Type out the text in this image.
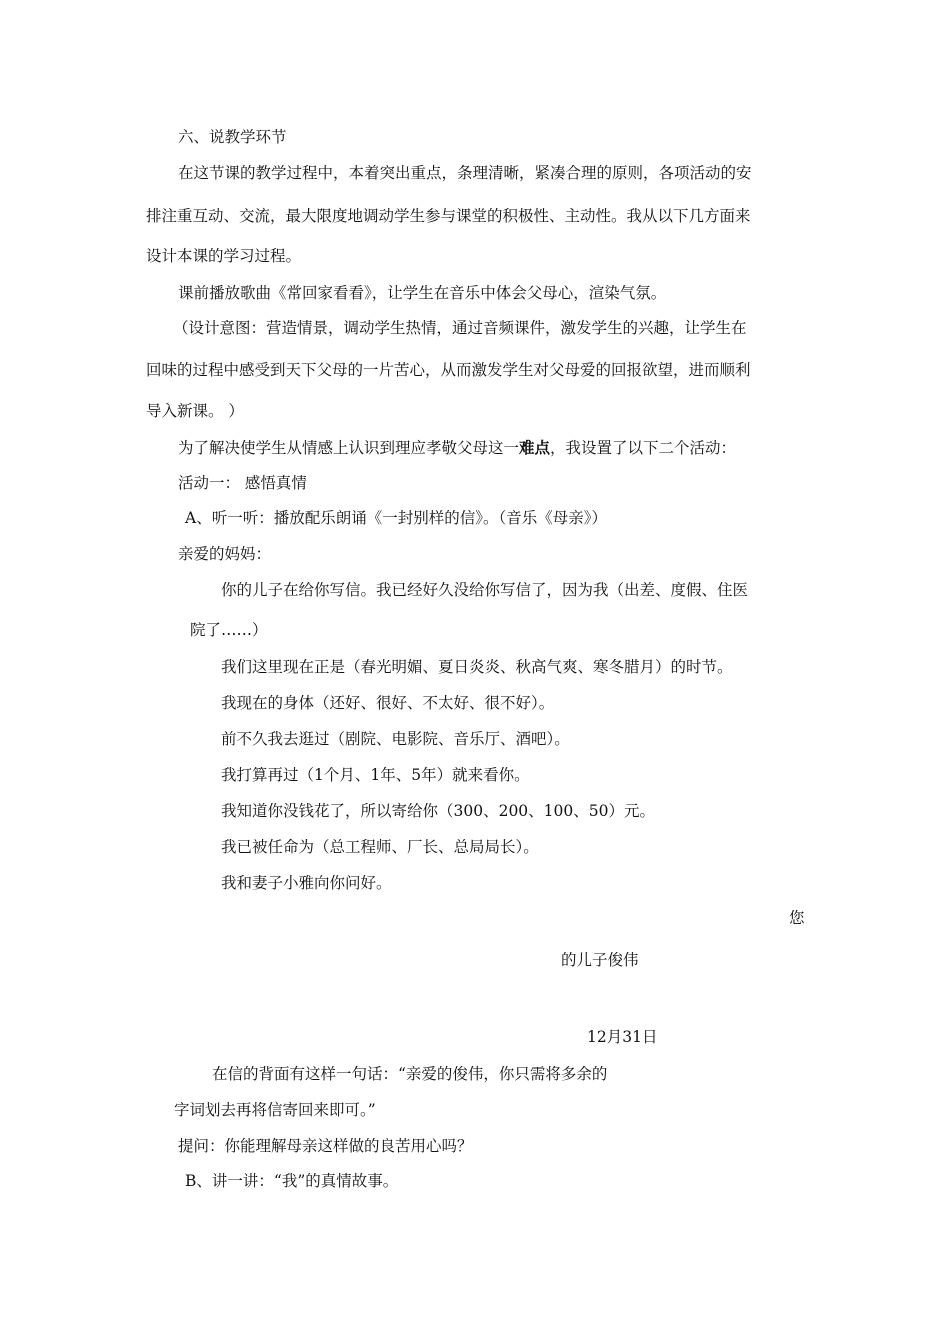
六、说教学环节
在这节课的教学过程中，本着突出重点，条理清晰，紧凑合理的原则，各项活动的安
排注重互动、交流，最大限度地调动学生参与课堂的积极性、主动性。我从以下几方面来
设计本课的学习过程。
课前播放歌曲《常回家看看》，让学生在音乐中体会父母心，渲染气氛。
（设计意图：营造情景，调动学生热情，通过音频课件，激发学生的兴趣，让学生在
回味的过程中感受到天下父母的一片苦心，从而激发学生对父母爱的回报欲望，进而顺利
导入新课。 ）
为了解决使学生从情感上认识到理应孝敬父母这一难点，我设置了以下二个活动：
活动一： 感悟真情
A、听一听：播放配乐朗诵《一封别样的信》。（音乐《母亲》）
亲爱的妈妈：
你的儿子在给你写信。我已经好久没给你写信了，因为我（出差、度假、住医
院了……）
我们这里现在正是（春光明媚、夏日炎炎、秋高气爽、寒冬腊月）的时节。
我现在的身体（还好、很好、不太好、很不好）。
前不久我去逛过（剧院、电影院、音乐厅、酒吧）。
我打算再过（1个月、1年、5年）就来看你。
我知道你没钱花了，所以寄给你（300、200、100、50）元。
我已被任命为（总工程师、厂长、总局局长）。
我和妻子小雅向你问好。
您
的儿子俊伟
12月31日
在信的背面有这样一句话：“亲爱的俊伟，你只需将多余的
字词划去再将信寄回来即可。”
提问：你能理解母亲这样做的良苦用心吗？
B、讲一讲：“我”的真情故事。
